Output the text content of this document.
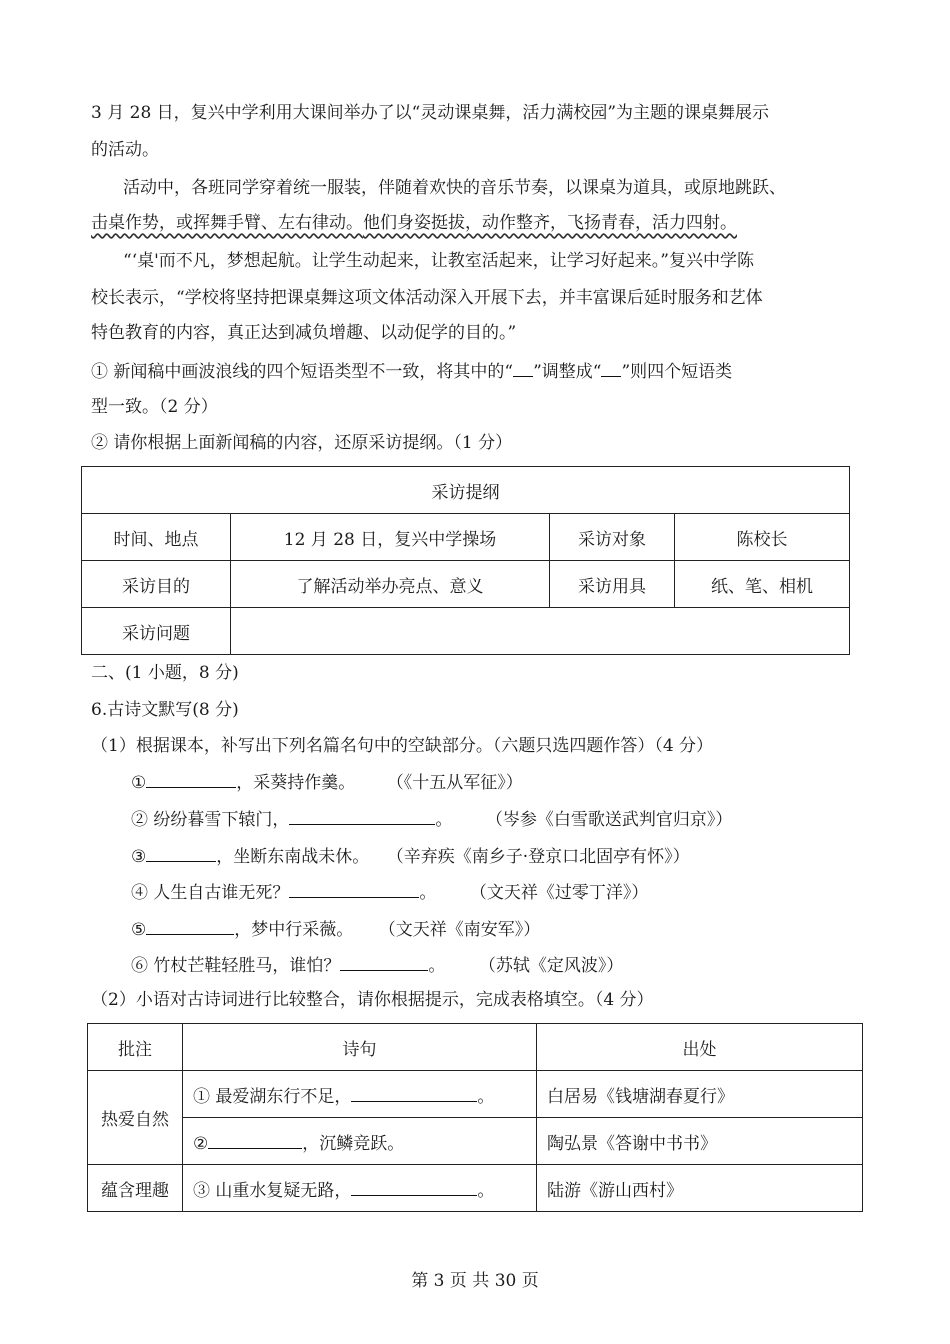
3 月 28 日，复兴中学利用大课间举办了以“灵动课桌舞，活力满校园”为主题的课桌舞展示
的活动。
活动中，各班同学穿着统一服装，伴随着欢快的音乐节奏，以课桌为道具，或原地跳跃、
击桌作势，或挥舞手臂、左右律动。他们身姿挺拔，动作整齐，飞扬青春，活力四射。
“‘桌'而不凡，梦想起航。让学生动起来，让教室活起来，让学习好起来。”复兴中学陈
校长表示，“学校将坚持把课桌舞这项文体活动深入开展下去，并丰富课后延时服务和艺体
特色教育的内容，真正达到减负增趣、以动促学的目的。”
① 新闻稿中画波浪线的四个短语类型不一致，将其中的“ ”调整成“ ”则四个短语类
型一致。（2 分）
② 请你根据上面新闻稿的内容，还原采访提纲。（1 分）
采访提纲			
时间、地点	12 月 28 日，复兴中学操场	采访对象	陈校长
采访目的	了解活动举办亮点、意义	采访用具	纸、笔、相机
采访问题			
二、(1 小题，8 分)
6.古诗文默写(8 分)
（1）根据课本，补写出下列名篇名句中的空缺部分。（六题只选四题作答）（4 分）
①	，采葵持作羹。 （《十五从军征》）
② 纷纷暮雪下辕门，	。 （岑参《白雪歌送武判官归京》）
③	，坐断东南战未休。 （辛弃疾《南乡子·登京口北固亭有怀》）
④ 人生自古谁无死？	。 （文天祥《过零丁洋》）
⑤	，梦中行采薇。 （文天祥《南安军》）
⑥ 竹杖芒鞋轻胜马，谁怕？	。 （苏轼《定风波》）
（2）小语对古诗词进行比较整合，请你根据提示，完成表格填空。（4 分）
批注	诗句	出处
热爱自然	① 最爱湖东行不足， 。	白居易《钱塘湖春夏行》
	② ，沉鳞竞跃。	陶弘景《答谢中书书》
蕴含理趣	③ 山重水复疑无路， 。	陆游《游山西村》
第 3 页 共 30 页
